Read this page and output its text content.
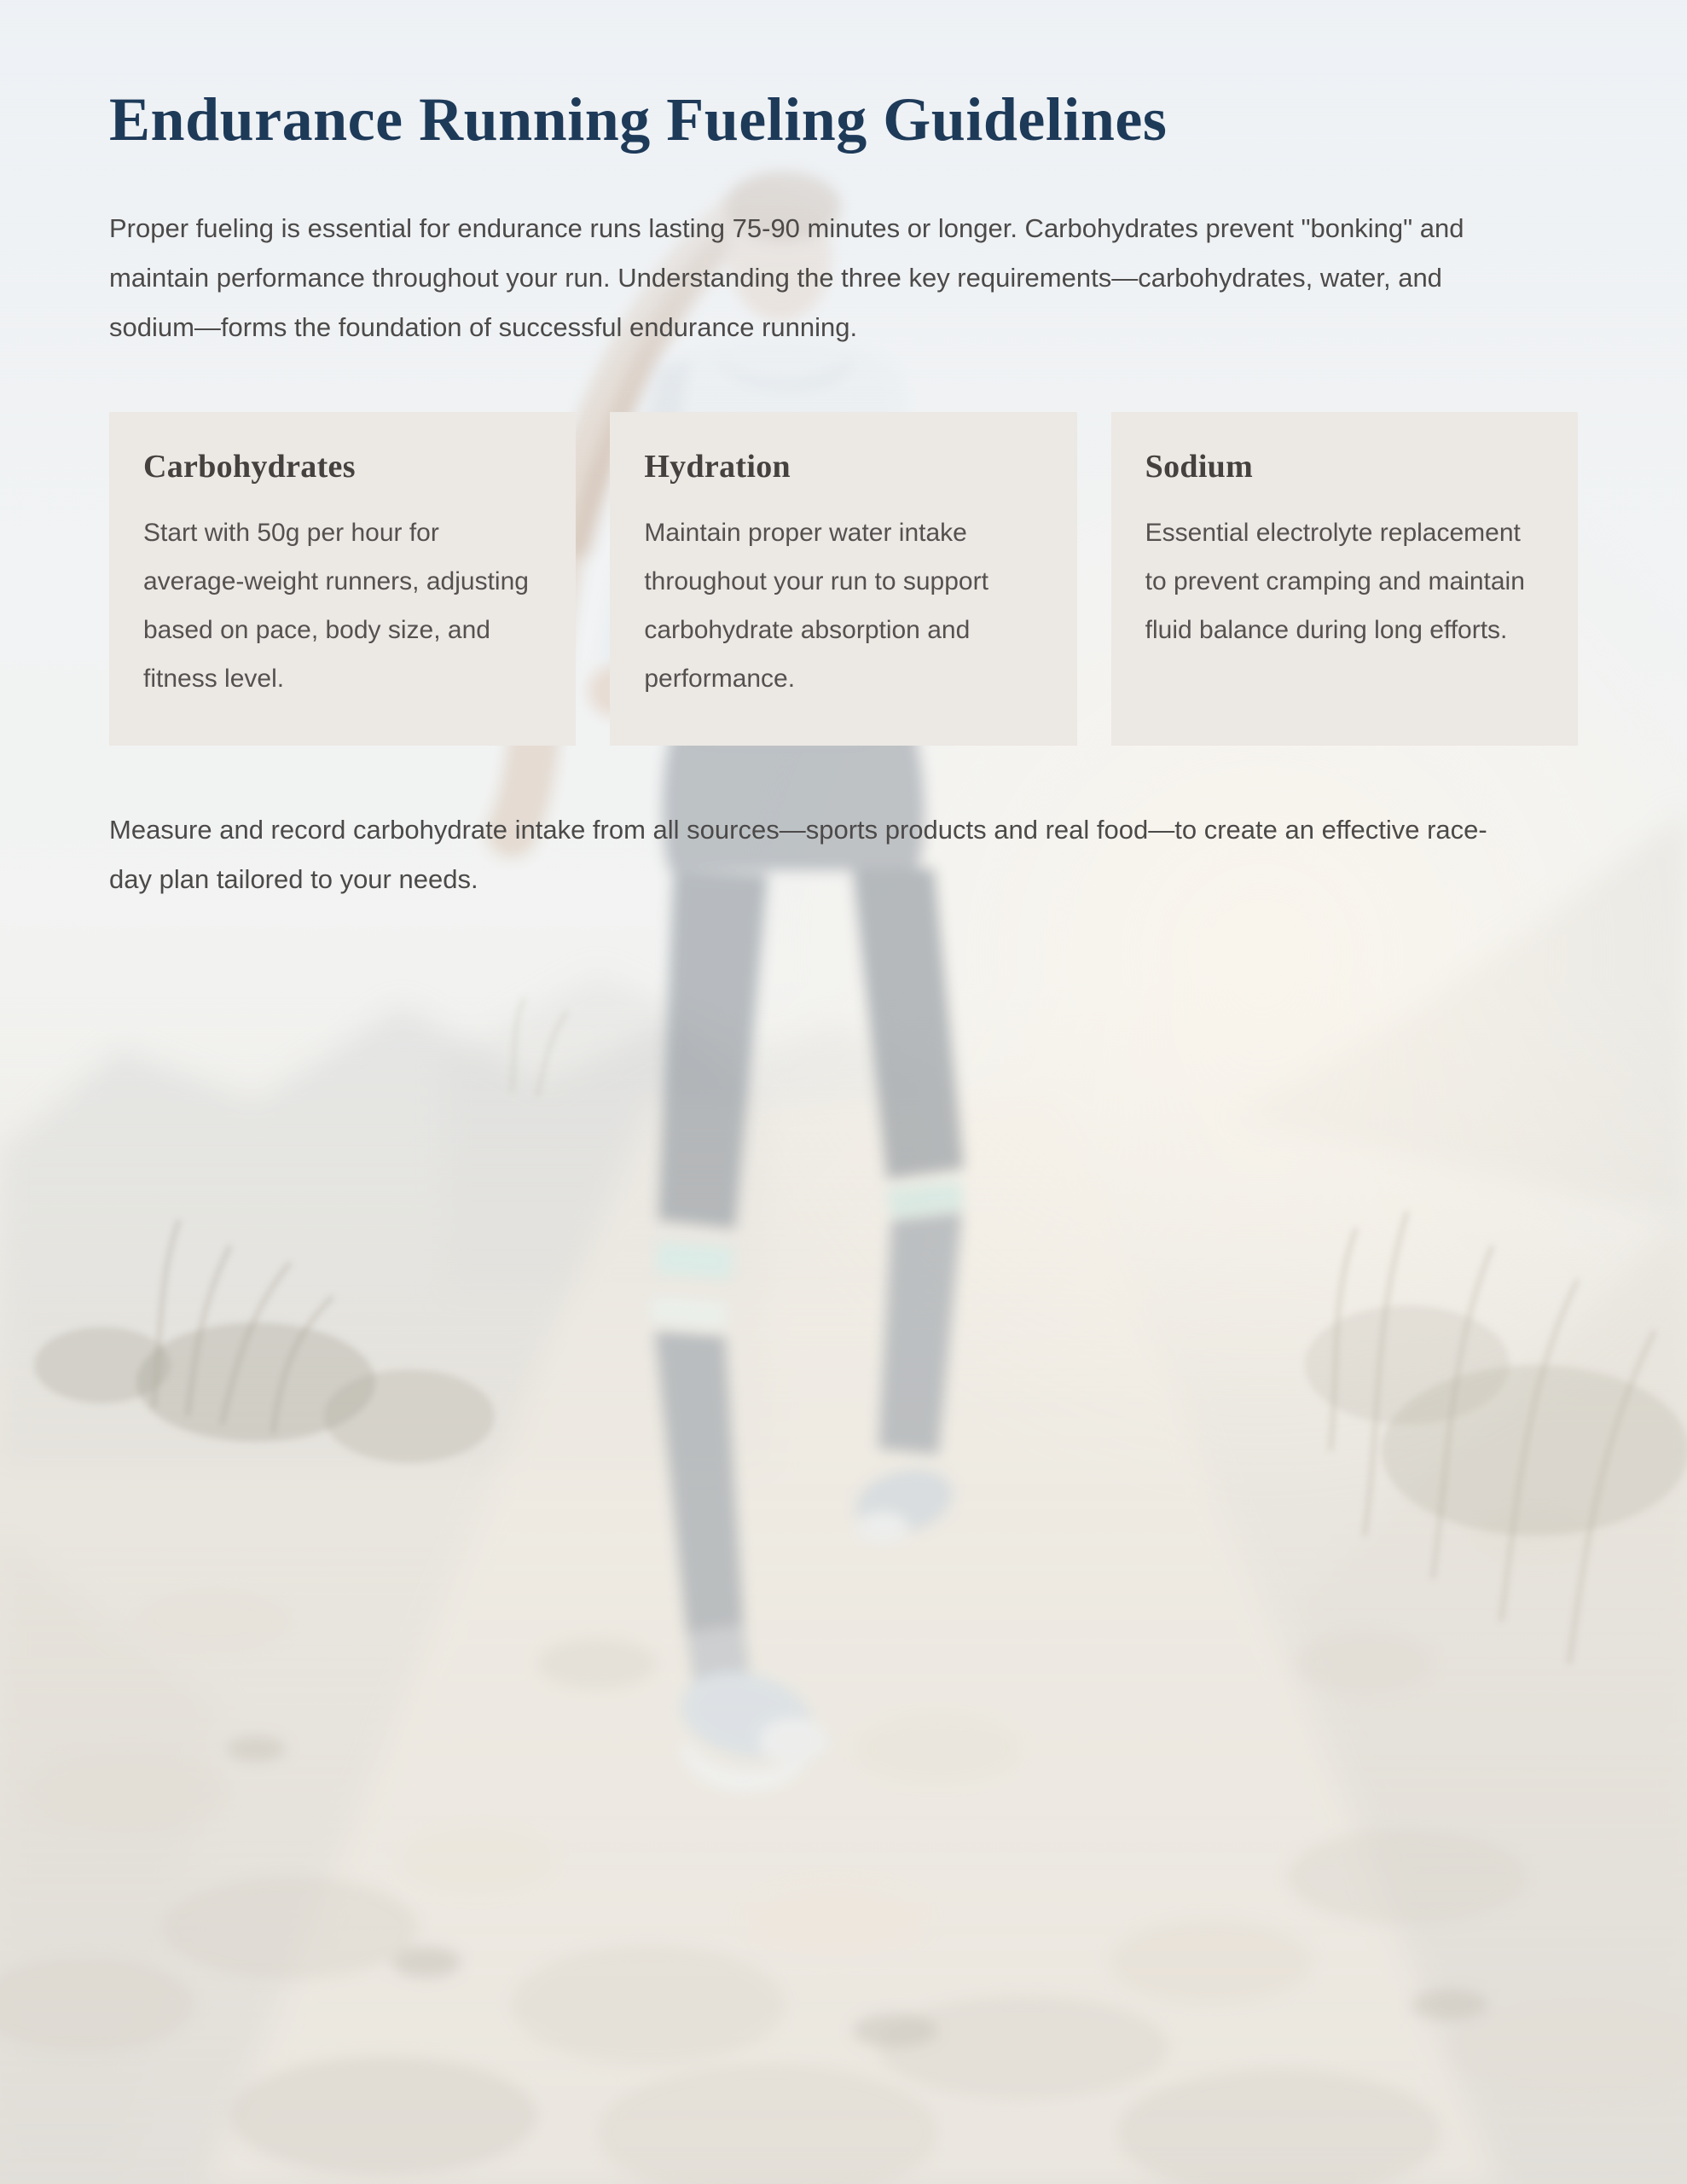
Endurance Running Fueling Guidelines

Proper fueling is essential for endurance runs lasting 75-90 minutes or longer. Carbohydrates prevent "bonking" and maintain performance throughout your run. Understanding the three key requirements—carbohydrates, water, and sodium—forms the foundation of successful endurance running.

Carbohydrates

Start with 50g per hour for average-weight runners, adjusting based on pace, body size, and fitness level.

Hydration

Maintain proper water intake throughout your run to support carbohydrate absorption and performance.

Sodium

Essential electrolyte replacement to prevent cramping and maintain fluid balance during long efforts.

Measure and record carbohydrate intake from all sources—sports products and real food—to create an effective race-day plan tailored to your needs.
